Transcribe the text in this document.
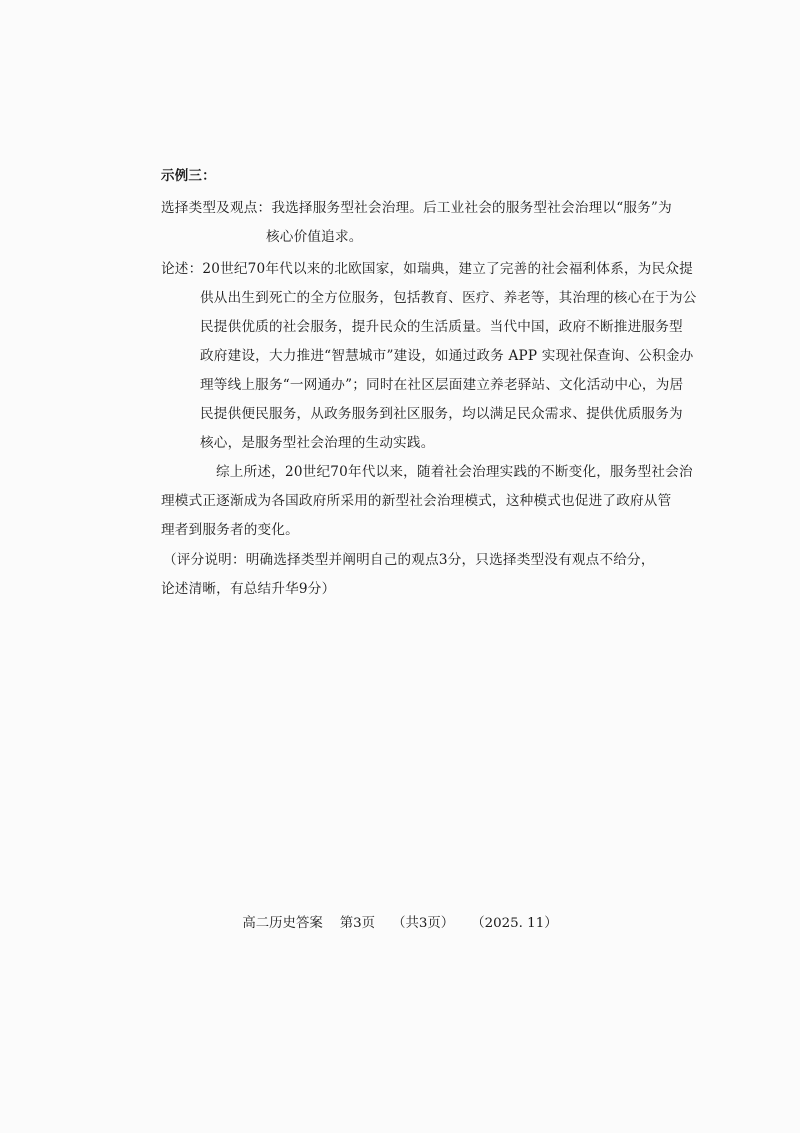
示例三：
选择类型及观点：我选择服务型社会治理。后工业社会的服务型社会治理以“服务”为
核心价值追求。
论述：20世纪70年代以来的北欧国家，如瑞典，建立了完善的社会福利体系，为民众提
供从出生到死亡的全方位服务，包括教育、医疗、养老等，其治理的核心在于为公
民提供优质的社会服务，提升民众的生活质量。当代中国，政府不断推进服务型
政府建设，大力推进“智慧城市”建设，如通过政务 APP 实现社保查询、公积金办
理等线上服务“一网通办”；同时在社区层面建立养老驿站、文化活动中心，为居
民提供便民服务，从政务服务到社区服务，均以满足民众需求、提供优质服务为
核心，是服务型社会治理的生动实践。
综上所述，20世纪70年代以来，随着社会治理实践的不断变化，服务型社会治
理模式正逐渐成为各国政府所采用的新型社会治理模式，这种模式也促进了政府从管
理者到服务者的变化。
（评分说明：明确选择类型并阐明自己的观点3分，只选择类型没有观点不给分，
论述清晰，有总结升华9分）
高二历史答案    第3页    （共3页）    （2025. 11）
